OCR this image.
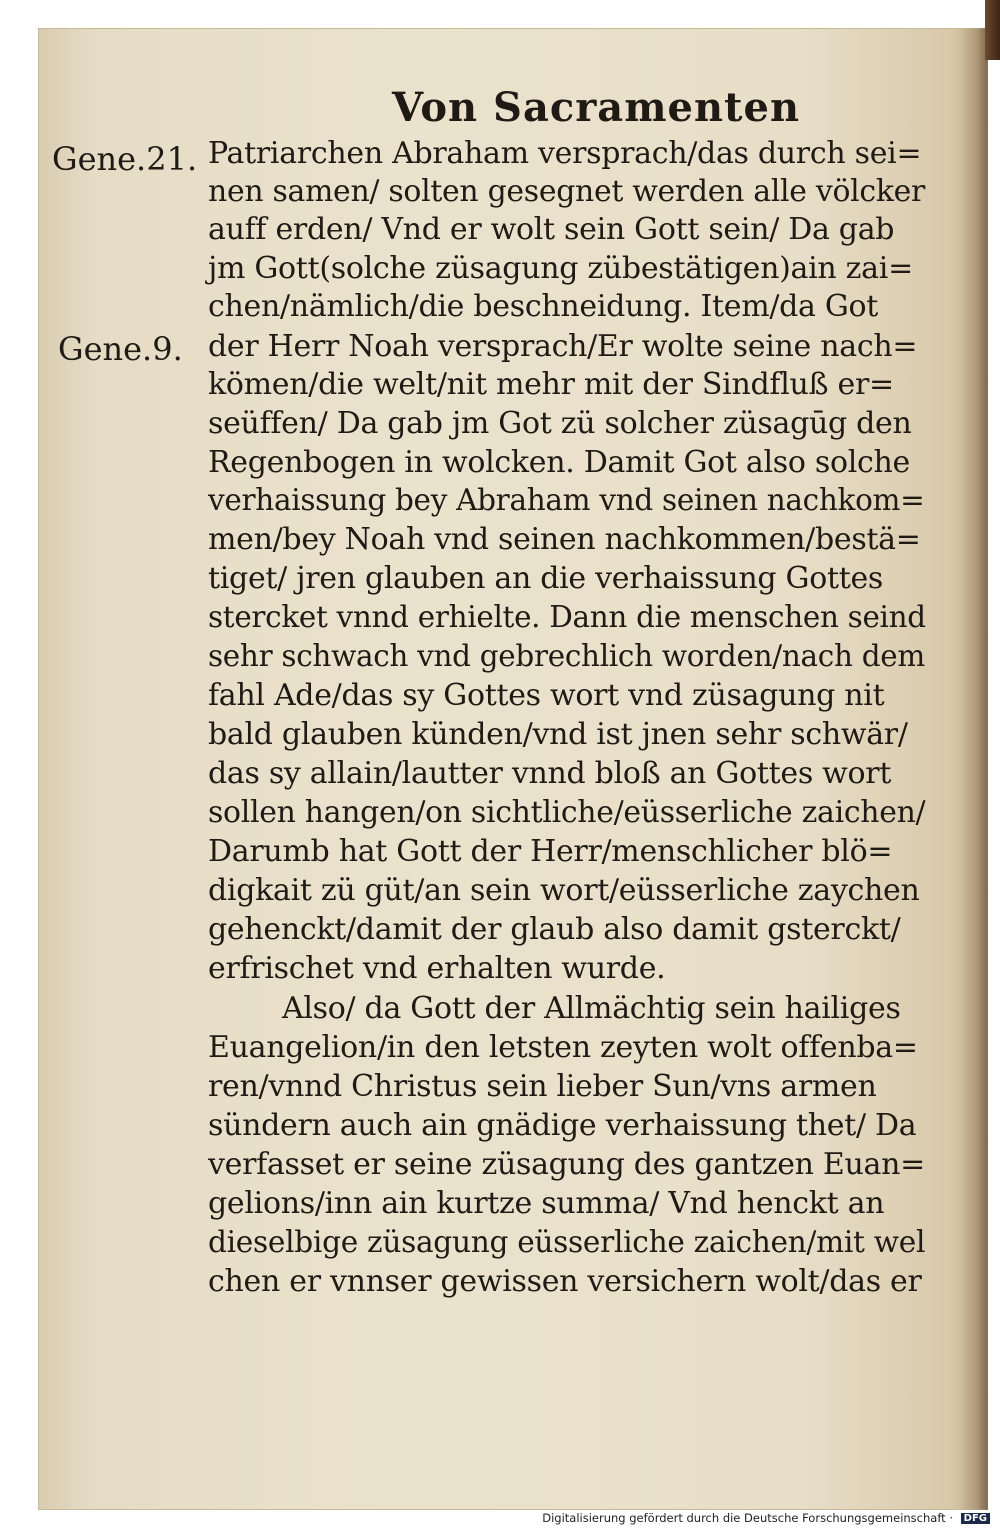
Von Sacramenten
Gene.21.
Gene.9.
Patriarchen Abraham versprach/das durch sei=
nen samen/ solten gesegnet werden alle völcker
auff erden/ Vnd er wolt sein Gott sein/ Da gab
jm Gott(solche züsagung zübestätigen)ain zai=
chen/nämlich/die beschneidung. Item/da Got
der Herr Noah versprach/Er wolte seine nach=
kömen/die welt/nit mehr mit der Sindfluß er=
seüffen/ Da gab jm Got zü solcher züsagūg den
Regenbogen in wolcken. Damit Got also solche
verhaissung bey Abraham vnd seinen nachkom=
men/bey Noah vnd seinen nachkommen/bestä=
tiget/ jren glauben an die verhaissung Gottes
stercket vnnd erhielte. Dann die menschen seind
sehr schwach vnd gebrechlich worden/nach dem
fahl Ade/das sy Gottes wort vnd züsagung nit
bald glauben künden/vnd ist jnen sehr schwär/
das sy allain/lautter vnnd bloß an Gottes wort
sollen hangen/on sichtliche/eüsserliche zaichen/
Darumb hat Gott der Herr/menschlicher blö=
digkait zü güt/an sein wort/eüsserliche zaychen
gehenckt/damit der glaub also damit gsterckt/
erfrischet vnd erhalten wurde.
Also/ da Gott der Allmächtig sein hailiges
Euangelion/in den letsten zeyten wolt offenba=
ren/vnnd Christus sein lieber Sun/vns armen
sündern auch ain gnädige verhaissung thet/ Da
verfasset er seine züsagung des gantzen Euan=
gelions/inn ain kurtze summa/ Vnd henckt an
dieselbige züsagung eüsserliche zaichen/mit wel
chen er vnnser gewissen versichern wolt/das er
Digitalisierung gefördert durch die Deutsche Forschungsgemeinschaft · DFG
